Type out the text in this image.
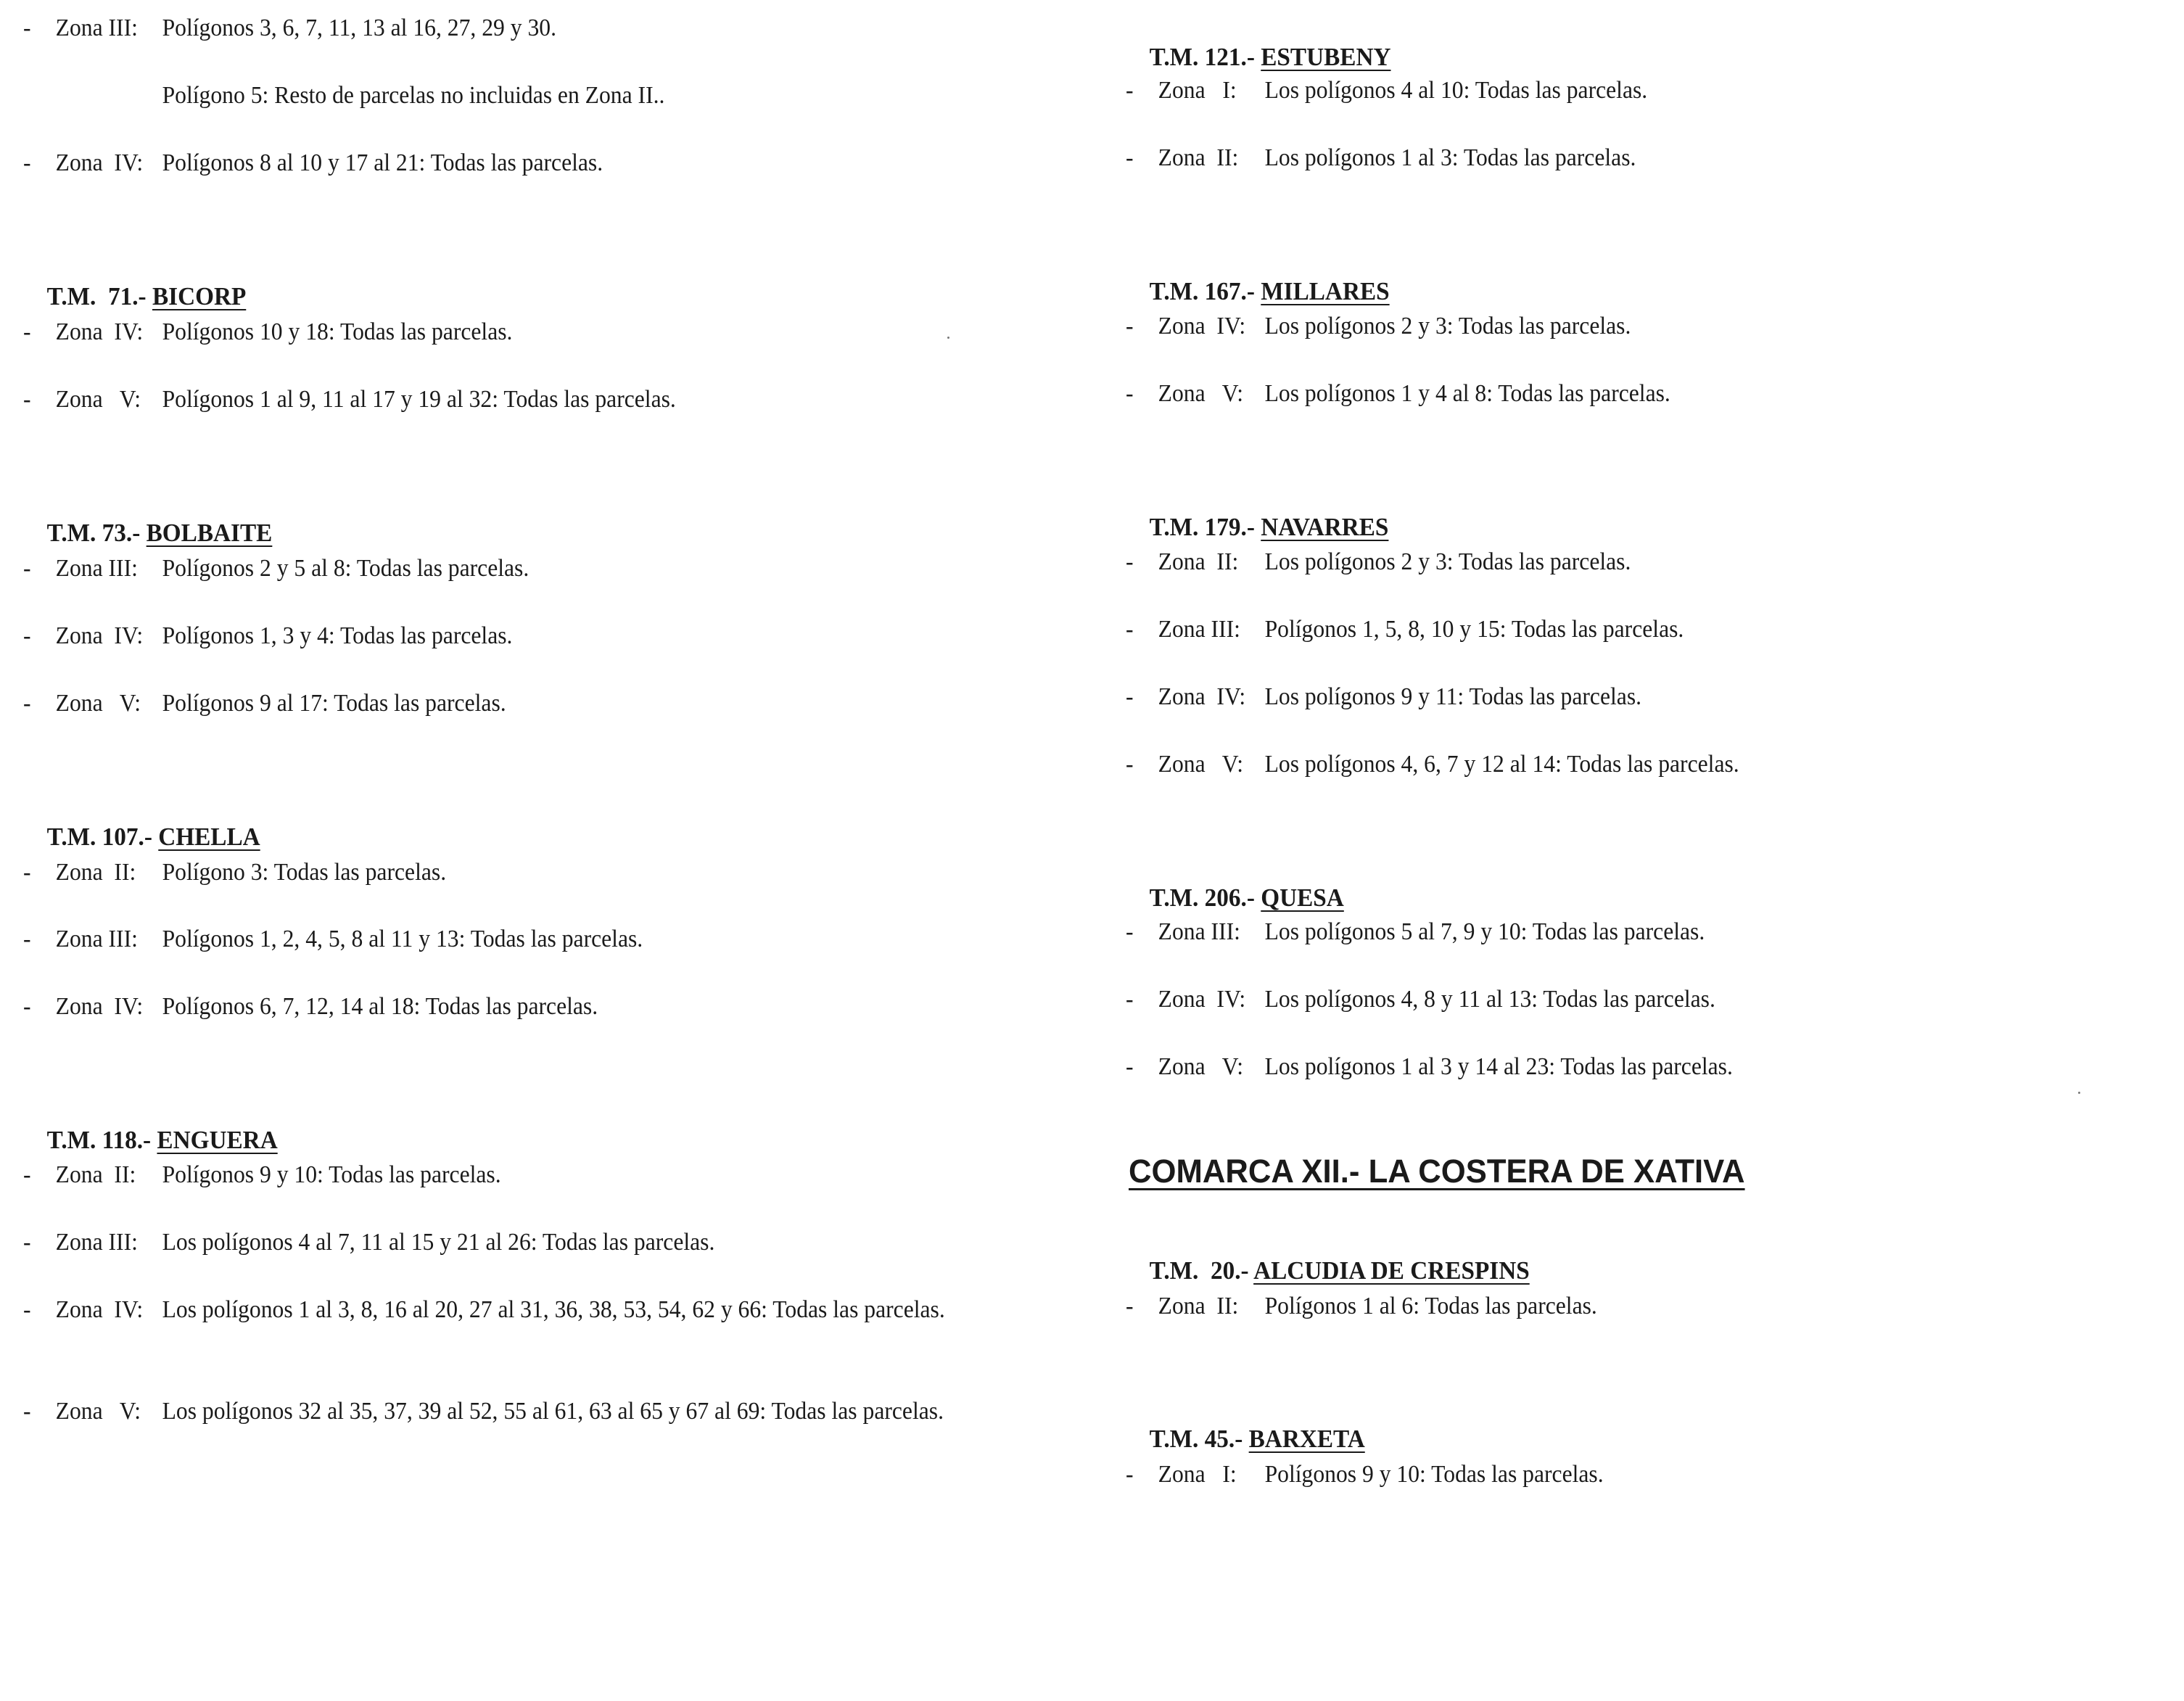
-	Zona III: Polígonos 3, 6, 7, 11, 13 al 16, 27, 29 y 30.
Polígono 5: Resto de parcelas no incluidas en Zona II..
-	Zona  IV: Polígonos 8 al 10 y 17 al 21: Todas las parcelas.

T.M.  71.- BICORP

-	Zona  IV: Polígonos 10 y 18: Todas las parcelas.
-	Zona   V: Polígonos 1 al 9, 11 al 17 y 19 al 32: Todas las parcelas.

T.M. 73.- BOLBAITE

-	Zona III: Polígonos 2 y 5 al 8: Todas las parcelas.
-	Zona  IV: Polígonos 1, 3 y 4: Todas las parcelas.
-	Zona   V: Polígonos 9 al 17: Todas las parcelas.

T.M. 107.- CHELLA

-	Zona  II: Polígono 3: Todas las parcelas.
-	Zona III: Polígonos 1, 2, 4, 5, 8 al 11 y 13: Todas las parcelas.
-	Zona  IV: Polígonos 6, 7, 12, 14 al 18: Todas las parcelas.

T.M. 118.- ENGUERA

-	Zona  II: Polígonos 9 y 10: Todas las parcelas.
-	Zona III: Los polígonos 4 al 7, 11 al 15 y 21 al 26: Todas las parcelas.
-	Zona  IV: Los polígonos 1 al 3, 8, 16 al 20, 27 al 31, 36, 38, 53, 54, 62 y 66: Todas las parcelas.
-	Zona   V: Los polígonos 32 al 35, 37, 39 al 52, 55 al 61, 63 al 65 y 67 al 69: Todas las parcelas.

T.M. 121.- ESTUBENY

-	Zona   I: Los polígonos 4 al 10: Todas las parcelas.
-	Zona  II: Los polígonos 1 al 3: Todas las parcelas.

T.M. 167.- MILLARES

-	Zona  IV: Los polígonos 2 y 3: Todas las parcelas.
-	Zona   V: Los polígonos 1 y 4 al 8: Todas las parcelas.

T.M. 179.- NAVARRES

-	Zona  II: Los polígonos 2 y 3: Todas las parcelas.
-	Zona III: Polígonos 1, 5, 8, 10 y 15: Todas las parcelas.
-	Zona  IV: Los polígonos 9 y 11: Todas las parcelas.
-	Zona   V: Los polígonos 4, 6, 7 y 12 al 14: Todas las parcelas.

T.M. 206.- QUESA

-	Zona III: Los polígonos 5 al 7, 9 y 10: Todas las parcelas.
-	Zona  IV: Los polígonos 4, 8 y 11 al 13: Todas las parcelas.
-	Zona   V: Los polígonos 1 al 3 y 14 al 23: Todas las parcelas.
COMARCA XII.- LA COSTERA DE XATIVA

T.M.  20.- ALCUDIA DE CRESPINS

-	Zona  II: Polígonos 1 al 6: Todas las parcelas.

T.M. 45.- BARXETA

-	Zona   I: Polígonos 9 y 10: Todas las parcelas.
